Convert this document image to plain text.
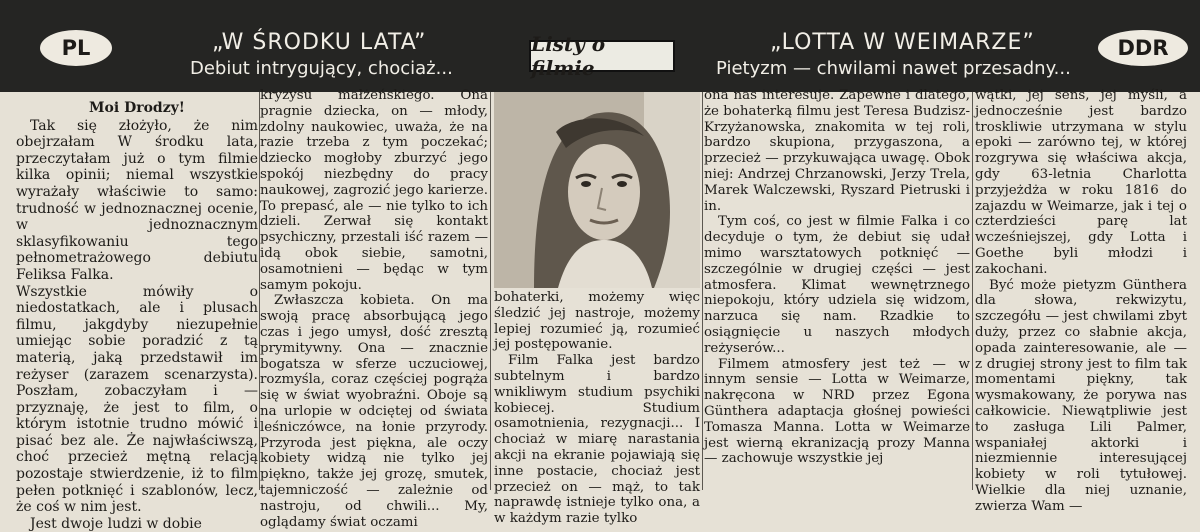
PL	„W ŚRODKU LATA”
Debiut intrygujący, chociaż...
Listy o filmie
„LOTTA W WEIMARZE”
Pietyzm — chwilami nawet przesadny...
DDR

Moi Drodzy!

Tak się złożyło, że nim obejrzałam W środku lata, przeczytałam już o tym filmie kilka opinii; niemal wszystkie wyrażały właściwie to samo: trudność w jednoznacznej ocenie, w jednoznacznym sklasyfikowaniu tego pełnometrażowego debiutu Feliksa Falka.

Wszystkie mówiły o niedostatkach, ale i plusach filmu, jakgdyby niezupełnie umiejąc sobie poradzić z tą materią, jaką przedstawił im reżyser (zarazem scenarzysta). Poszłam, zobaczyłam i — przyznaję, że jest to film, o którym istotnie trudno mówić i pisać bez ale. Że najwłaściwszą, choć przecież mętną relacją pozostaje stwierdzenie, iż to film pełen potknięć i szablonów, lecz, że coś w nim jest.

Jest dwoje ludzi w dobie

kryzysu małżeńskiego. Ona pragnie dziecka, on — młody, zdolny naukowiec, uważa, że na razie trzeba z tym poczekać; dziecko mogłoby zburzyć jego spokój niezbędny do pracy naukowej, zagrozić jego karierze. To prepasć, ale — nie tylko to ich dzieli. Zerwał się kontakt psychiczny, przestali iść razem — idą obok siebie, samotni, osamotnieni — będąc w tym samym pokoju.

Zwłaszcza kobieta. On ma swoją pracę absorbującą jego czas i jego umysł, dość zresztą prymitywny. Ona — znacznie bogatsza w sferze uczuciowej, rozmyśla, coraz częściej pogrąża się w świat wyobraźni. Oboje są na urlopie w odciętej od świata leśniczówce, na łonie przyrody. Przyroda jest piękna, ale oczy kobiety widzą nie tylko jej piękno, także jej grozę, smutek, tajemniczość — zależnie od nastroju, od chwili... My, oglądamy świat oczami

bohaterki, możemy więc śledzić jej nastroje, możemy lepiej rozumieć ją, rozumieć jej postępowanie.

Film Falka jest bardzo subtelnym i bardzo wnikliwym studium psychiki kobiecej. Studium osamotnienia, rezygnacji... I chociaż w miarę narastania akcji na ekranie pojawiają się inne postacie, chociaż jest przecież on — mąż, to tak naprawdę istnieje tylko ona, a w każdym razie tylko

ona nas interesuje. Zapewne i dlatego, że bohaterką filmu jest Teresa Budzisz-Krzyżanowska, znakomita w tej roli, bardzo skupiona, przygaszona, a przecież — przykuwająca uwagę. Obok niej: Andrzej Chrzanowski, Jerzy Trela, Marek Walczewski, Ryszard Pietruski i in.

Tym coś, co jest w filmie Falka i co decyduje o tym, że debiut się udał mimo warsztatowych potknięć — szczególnie w drugiej części — jest atmosfera. Klimat wewnętrznego niepokoju, który udziela się widzom, narzuca się nam. Rzadkie to osiągnięcie u naszych młodych reżyserów...

Filmem atmosfery jest też — w innym sensie — Lotta w Weimarze, nakręcona w NRD przez Egona Günthera adaptacja głośnej powieści Tomasza Manna. Lotta w Weimarze jest wierną ekranizacją prozy Manna — zachowuje wszystkie jej

wątki, jej sens, jej myśli, a jednocześnie jest bardzo troskliwie utrzymana w stylu epoki — zarówno tej, w której rozgrywa się właściwa akcja, gdy 63-letnia Charlotta przyjeżdża w roku 1816 do zajazdu w Weimarze, jak i tej o czterdzieści parę lat wcześniejszej, gdy Lotta i Goethe byli młodzi i zakochani.

Być może pietyzm Günthera dla słowa, rekwizytu, szczegółu — jest chwilami zbyt duży, przez co słabnie akcja, opada zainteresowanie, ale — z drugiej strony jest to film tak momentami piękny, tak wysmakowany, że porywa nas całkowicie. Niewątpliwie jest to zasługa Lili Palmer, wspaniałej aktorki i niezmiennie interesującej kobiety w roli tytułowej. Wielkie dla niej uznanie, zwierza Wam —
